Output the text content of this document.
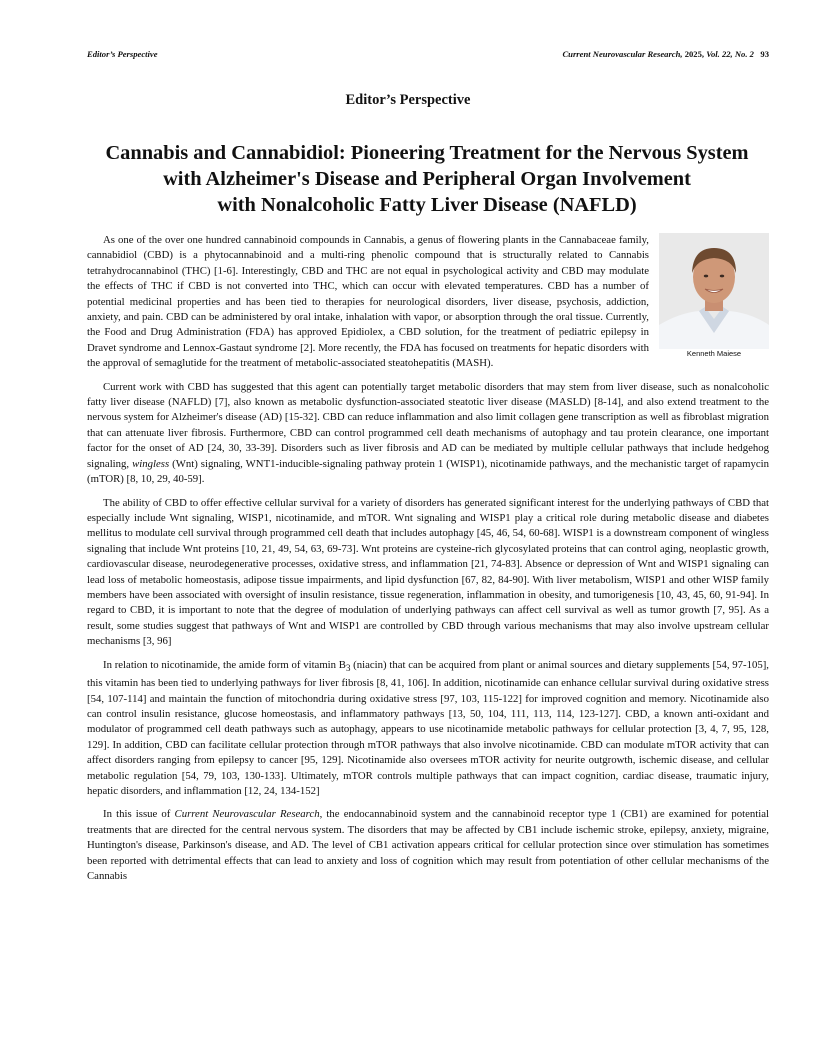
Editor’s Perspective	Current Neurovascular Research, 2025, Vol. 22, No. 2 93
Editor’s Perspective
Cannabis and Cannabidiol: Pioneering Treatment for the Nervous System
with Alzheimer's Disease and Peripheral Organ Involvement
with Nonalcoholic Fatty Liver Disease (NAFLD)
Kenneth Maiese

As one of the over one hundred cannabinoid compounds in Cannabis, a genus of flowering plants in the Cannabaceae family, cannabidiol (CBD) is a phytocannabinoid and a multi-ring phenolic compound that is structurally related to Cannabis tetrahydrocannabinol (THC) [1-6]. Interestingly, CBD and THC are not equal in psychological activity and CBD may modulate the effects of THC if CBD is not converted into THC, which can occur with elevated temperatures. CBD has a number of potential medicinal properties and has been tied to therapies for neurological disorders, liver disease, psychosis, addiction, anxiety, and pain. CBD can be administered by oral intake, inhalation with vapor, or absorption through the oral tissue. Currently, the Food and Drug Administration (FDA) has approved Epidiolex, a CBD solution, for the treatment of pediatric epilepsy in Dravet syndrome and Lennox-Gastaut syndrome [2]. More recently, the FDA has focused on treatments for hepatic disorders with the approval of semaglutide for the treatment of metabolic-associated steatohepatitis (MASH).

Current work with CBD has suggested that this agent can potentially target metabolic disorders that may stem from liver disease, such as nonalcoholic fatty liver disease (NAFLD) [7], also known as metabolic dysfunction-associated steatotic liver disease (MASLD) [8-14], and also extend treatment to the nervous system for Alzheimer's disease (AD) [15-32]. CBD can reduce inflammation and also limit collagen gene transcription as well as fibroblast migration that can attenuate liver fibrosis. Furthermore, CBD can control programmed cell death mechanisms of autophagy and tau protein clearance, one important factor for the onset of AD [24, 30, 33-39]. Disorders such as liver fibrosis and AD can be mediated by multiple cellular pathways that include hedgehog signaling, wingless (Wnt) signaling, WNT1-inducible-signaling pathway protein 1 (WISP1), nicotinamide pathways, and the mechanistic target of rapamycin (mTOR) [8, 10, 29, 40-59].

The ability of CBD to offer effective cellular survival for a variety of disorders has generated significant interest for the underlying pathways of CBD that especially include Wnt signaling, WISP1, nicotinamide, and mTOR. Wnt signaling and WISP1 play a critical role during metabolic disease and diabetes mellitus to modulate cell survival through programmed cell death that includes autophagy [45, 46, 54, 60-68]. WISP1 is a downstream component of wingless signaling that include Wnt proteins [10, 21, 49, 54, 63, 69-73]. Wnt proteins are cysteine-rich glycosylated proteins that can control aging, neoplastic growth, cardiovascular disease, neurodegenerative processes, oxidative stress, and inflammation [21, 74-83]. Absence or depression of Wnt and WISP1 signaling can lead loss of metabolic homeostasis, adipose tissue impairments, and lipid dysfunction [67, 82, 84-90]. With liver metabolism, WISP1 and other WISP family members have been associated with oversight of insulin resistance, tissue regeneration, inflammation in obesity, and tumorigenesis [10, 43, 45, 60, 91-94]. In regard to CBD, it is important to note that the degree of modulation of underlying pathways can affect cell survival as well as tumor growth [7, 95]. As a result, some studies suggest that pathways of Wnt and WISP1 are controlled by CBD through various mechanisms that may also involve upstream cellular mechanisms [3, 96]

In relation to nicotinamide, the amide form of vitamin $B_3$ (niacin) that can be acquired from plant or animal sources and dietary supplements [54, 97-105], this vitamin has been tied to underlying pathways for liver fibrosis [8, 41, 106]. In addition, nicotinamide can enhance cellular survival during oxidative stress [54, 107-114] and maintain the function of mitochondria during oxidative stress [97, 103, 115-122] for improved cognition and memory. Nicotinamide also can control insulin resistance, glucose homeostasis, and inflammatory pathways [13, 50, 104, 111, 113, 114, 123-127]. CBD, a known anti-oxidant and modulator of programmed cell death pathways such as autophagy, appears to use nicotinamide metabolic pathways for cellular protection [3, 4, 7, 95, 128, 129]. In addition, CBD can facilitate cellular protection through mTOR pathways that also involve nicotinamide. CBD can modulate mTOR activity that can affect disorders ranging from epilepsy to cancer [95, 129]. Nicotinamide also oversees mTOR activity for neurite outgrowth, ischemic disease, and cellular metabolic regulation [54, 79, 103, 130-133]. Ultimately, mTOR controls multiple pathways that can impact cognition, cardiac disease, traumatic injury, hepatic disorders, and inflammation [12, 24, 134-152]

In this issue of Current Neurovascular Research, the endocannabinoid system and the cannabinoid receptor type 1 (CB1) are examined for potential treatments that are directed for the central nervous system. The disorders that may be affected by CB1 include ischemic stroke, epilepsy, anxiety, migraine, Huntington's disease, Parkinson's disease, and AD. The level of CB1 activation appears critical for cellular protection since over stimulation has sometimes been reported with detrimental effects that can lead to anxiety and loss of cognition which may result from potentiation of other cellular mechanisms of the Cannabis
